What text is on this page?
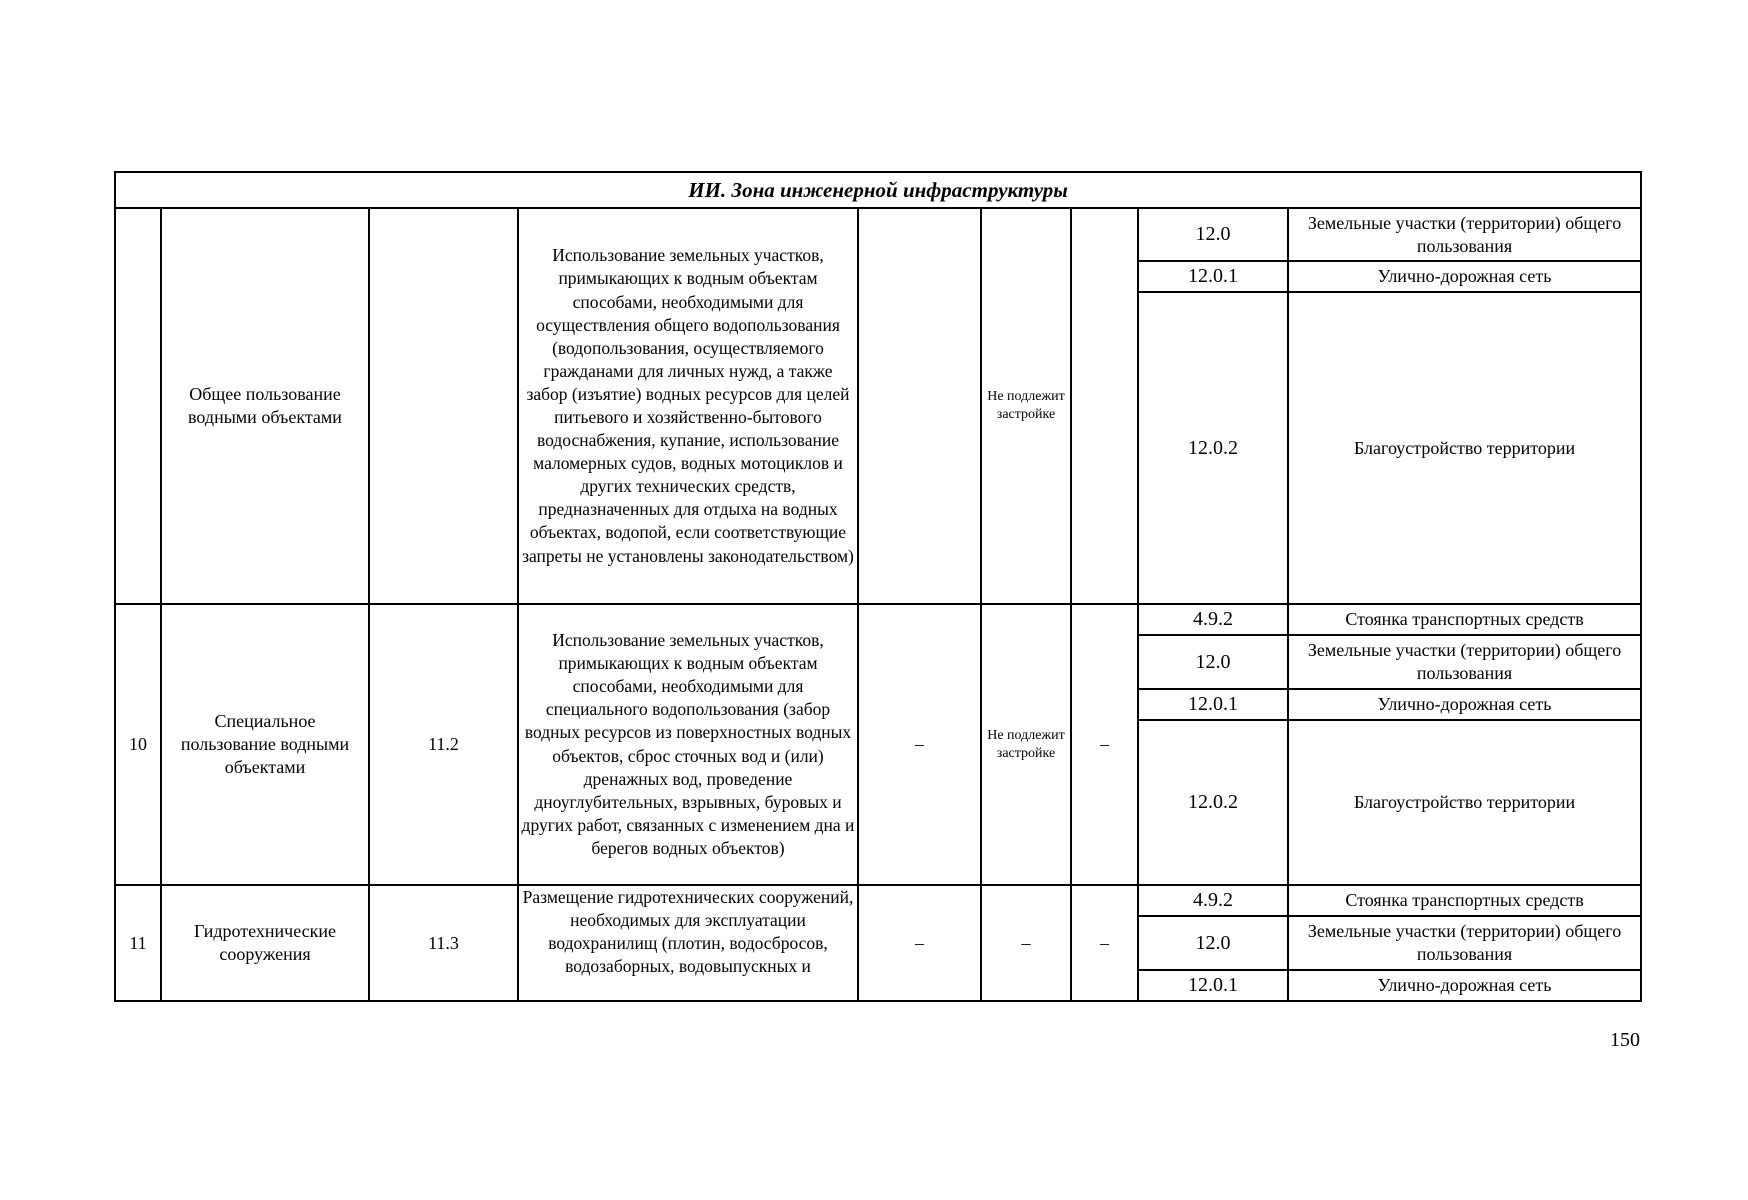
ИИ. Зона инженерной инфраструктуры								
	Общее пользование водными объектами		Использование земельных участков, примыкающих к водным объектам способами, необходимыми для осуществления общего водопользования (водопользования, осуществляемого гражданами для личных нужд, а также забор (изъятие) водных ресурсов для целей питьевого и хозяйственно-бытового водоснабжения, купание, использование маломерных судов, водных мотоциклов и других технических средств, предназначенных для отдыха на водных объектах, водопой, если соответствующие запреты не установлены законодательством)		Не подлежит застройке		12.0	Земельные участки (территории) общего пользования
							12.0.1	Улично-дорожная сеть
							12.0.2	Благоустройство территории
10	Специальное пользование водными объектами	11.2	Использование земельных участков, примыкающих к водным объектам способами, необходимыми для специального водопользования (забор водных ресурсов из поверхностных водных объектов, сброс сточных вод и (или) дренажных вод, проведение дноуглубительных, взрывных, буровых и других работ, связанных с изменением дна и берегов водных объектов)	–	Не подлежит застройке	–	4.9.2	Стоянка транспортных средств
							12.0	Земельные участки (территории) общего пользования
							12.0.1	Улично-дорожная сеть
							12.0.2	Благоустройство территории
11	Гидротехнические сооружения	11.3	Размещение гидротехнических сооружений, необходимых для эксплуатации водохранилищ (плотин, водосбросов, водозаборных, водовыпускных и	–	–	–	4.9.2	Стоянка транспортных средств
							12.0	Земельные участки (территории) общего пользования
							12.0.1	Улично-дорожная сеть
150
